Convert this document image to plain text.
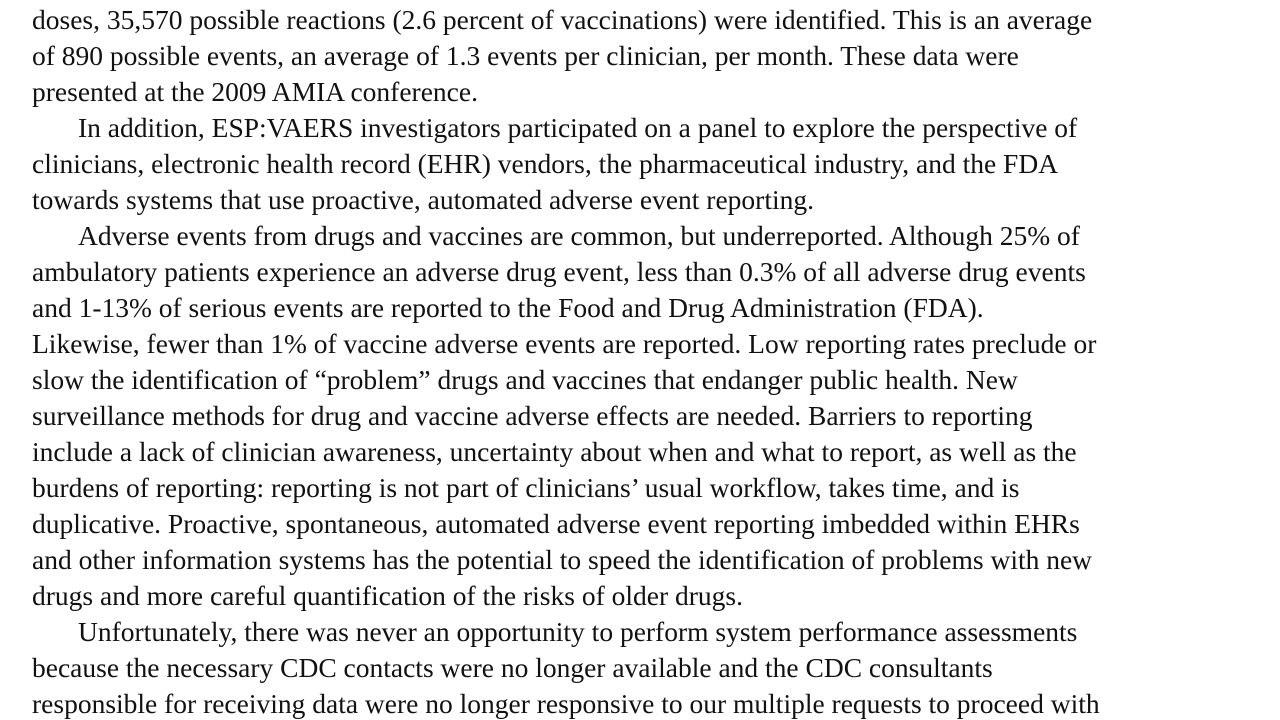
doses, 35,570 possible reactions (2.6 percent of vaccinations) were identified. This is an average
of 890 possible events, an average of 1.3 events per clinician, per month. These data were
presented at the 2009 AMIA conference.
In addition, ESP:VAERS investigators participated on a panel to explore the perspective of
clinicians, electronic health record (EHR) vendors, the pharmaceutical industry, and the FDA
towards systems that use proactive, automated adverse event reporting.
Adverse events from drugs and vaccines are common, but underreported. Although 25% of
ambulatory patients experience an adverse drug event, less than 0.3% of all adverse drug events
and 1-13% of serious events are reported to the Food and Drug Administration (FDA).
Likewise, fewer than 1% of vaccine adverse events are reported. Low reporting rates preclude or
slow the identification of “problem” drugs and vaccines that endanger public health. New
surveillance methods for drug and vaccine adverse effects are needed. Barriers to reporting
include a lack of clinician awareness, uncertainty about when and what to report, as well as the
burdens of reporting: reporting is not part of clinicians’ usual workflow, takes time, and is
duplicative. Proactive, spontaneous, automated adverse event reporting imbedded within EHRs
and other information systems has the potential to speed the identification of problems with new
drugs and more careful quantification of the risks of older drugs.
Unfortunately, there was never an opportunity to perform system performance assessments
because the necessary CDC contacts were no longer available and the CDC consultants
responsible for receiving data were no longer responsive to our multiple requests to proceed with
